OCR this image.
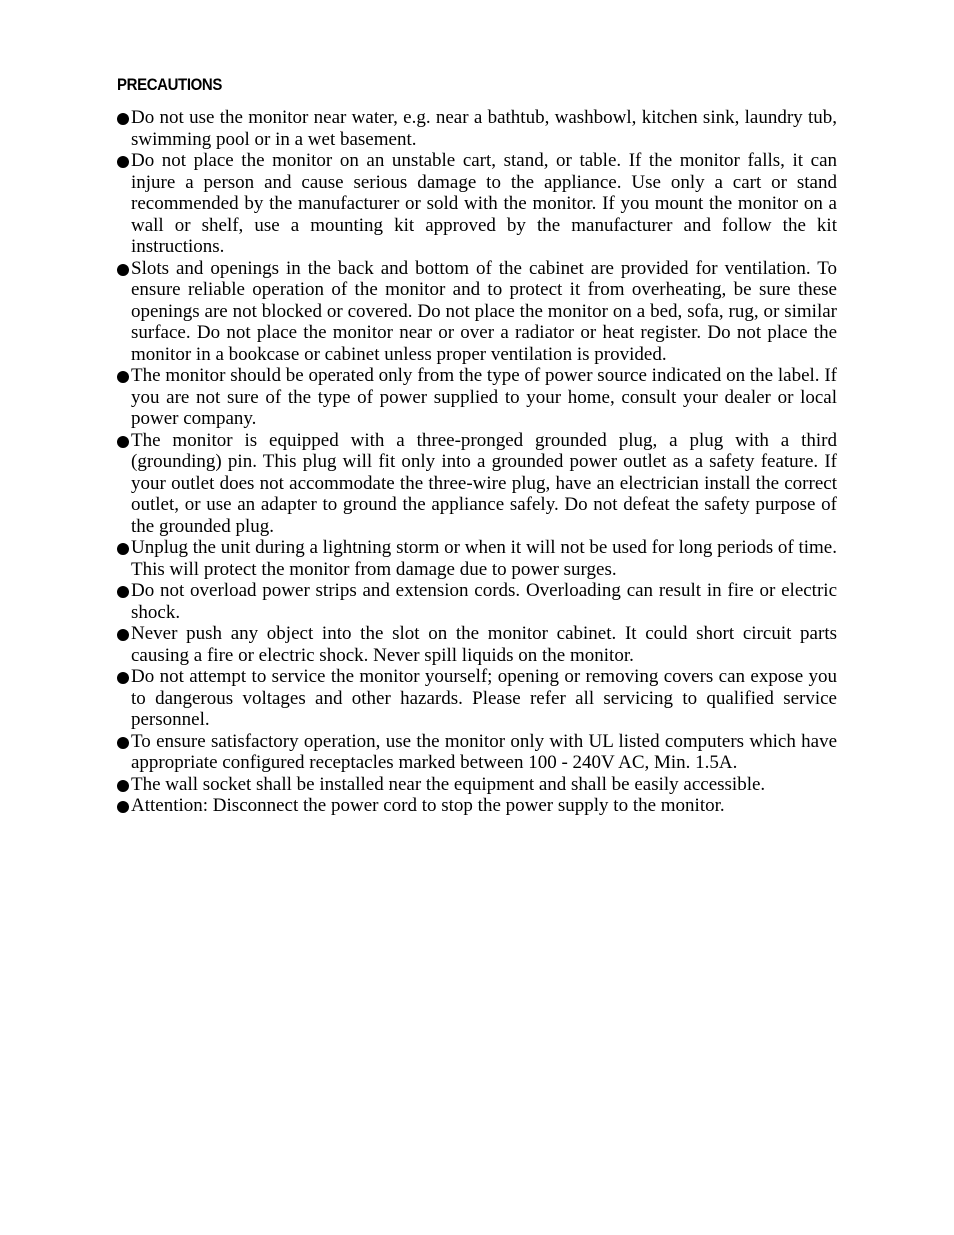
PRECAUTIONS
Do not use the monitor near water, e.g. near a bathtub, washbowl, kitchen sink, laundry tub, swimming pool or in a wet basement.
Do not place the monitor on an unstable cart, stand, or table. If the monitor falls, it can injure a person and cause serious damage to the appliance. Use only a cart or stand recommended by the manufacturer or sold with the monitor. If you mount the monitor on a wall or shelf, use a mounting kit approved by the manufacturer and follow the kit instructions.
Slots and openings in the back and bottom of the cabinet are provided for ventilation. To ensure reliable operation of the monitor and to protect it from overheating, be sure these openings are not blocked or covered. Do not place the monitor on a bed, sofa, rug, or similar surface. Do not place the monitor near or over a radiator or heat register. Do not place the monitor in a bookcase or cabinet unless proper ventilation is provided.
The monitor should be operated only from the type of power source indicated on the label. If you are not sure of the type of power supplied to your home, consult your dealer or local power company.
The monitor is equipped with a three-pronged grounded plug, a plug with a third (grounding) pin. This plug will fit only into a grounded power outlet as a safety feature. If your outlet does not accommodate the three-wire plug, have an electrician install the correct outlet, or use an adapter to ground the appliance safely. Do not defeat the safety purpose of the grounded plug.
Unplug the unit during a lightning storm or when it will not be used for long periods of time. This will protect the monitor from damage due to power surges.
Do not overload power strips and extension cords. Overloading can result in fire or electric shock.
Never push any object into the slot on the monitor cabinet. It could short circuit parts causing a fire or electric shock. Never spill liquids on the monitor.
Do not attempt to service the monitor yourself; opening or removing covers can expose you to dangerous voltages and other hazards. Please refer all servicing to qualified service personnel.
To ensure satisfactory operation, use the monitor only with UL listed computers which have appropriate configured receptacles marked between 100 - 240V AC, Min. 1.5A.
The wall socket shall be installed near the equipment and shall be easily accessible.
Attention: Disconnect the power cord to stop the power supply to the monitor.
